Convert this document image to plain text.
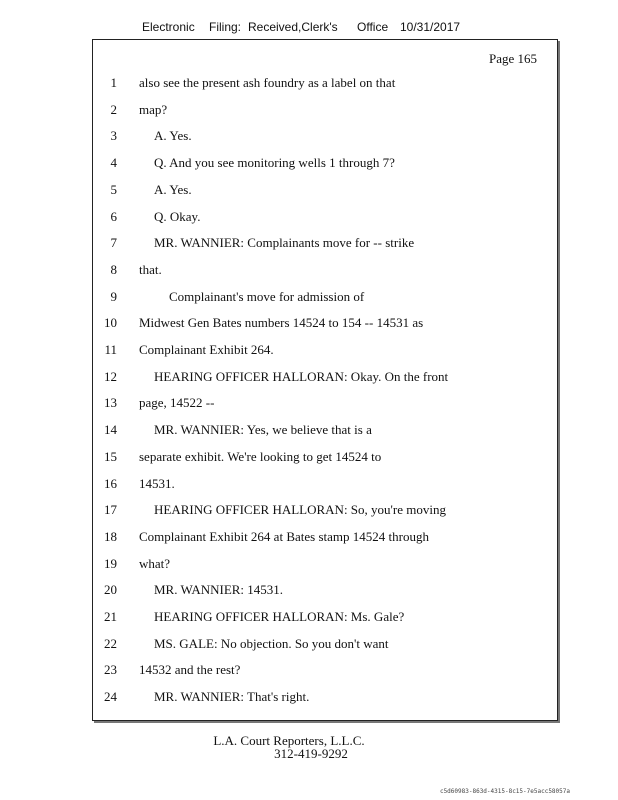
Electronic Filing: Received,Clerk's Office 10/31/2017
Page 165
1 also see the present ash foundry as a label on that
2 map?
3	A. Yes.
4	Q. And you see monitoring wells 1 through 7?
5	A. Yes.
6	Q. Okay.
7	MR. WANNIER: Complainants move for -- strike
8 that.
9	Complainant's move for admission of
10 Midwest Gen Bates numbers 14524 to 154 -- 14531 as
11 Complainant Exhibit 264.
12	HEARING OFFICER HALLORAN: Okay. On the front
13 page, 14522 --
14	MR. WANNIER: Yes, we believe that is a
15 separate exhibit. We're looking to get 14524 to
16 14531.
17	HEARING OFFICER HALLORAN: So, you're moving
18 Complainant Exhibit 264 at Bates stamp 14524 through
19 what?
20	MR. WANNIER: 14531.
21	HEARING OFFICER HALLORAN: Ms. Gale?
22	MS. GALE: No objection. So you don't want
23 14532 and the rest?
24	MR. WANNIER: That's right.
L.A. Court Reporters, L.L.C.
312-419-9292
c5d60983-863d-4315-8c15-7e5acc58057a
